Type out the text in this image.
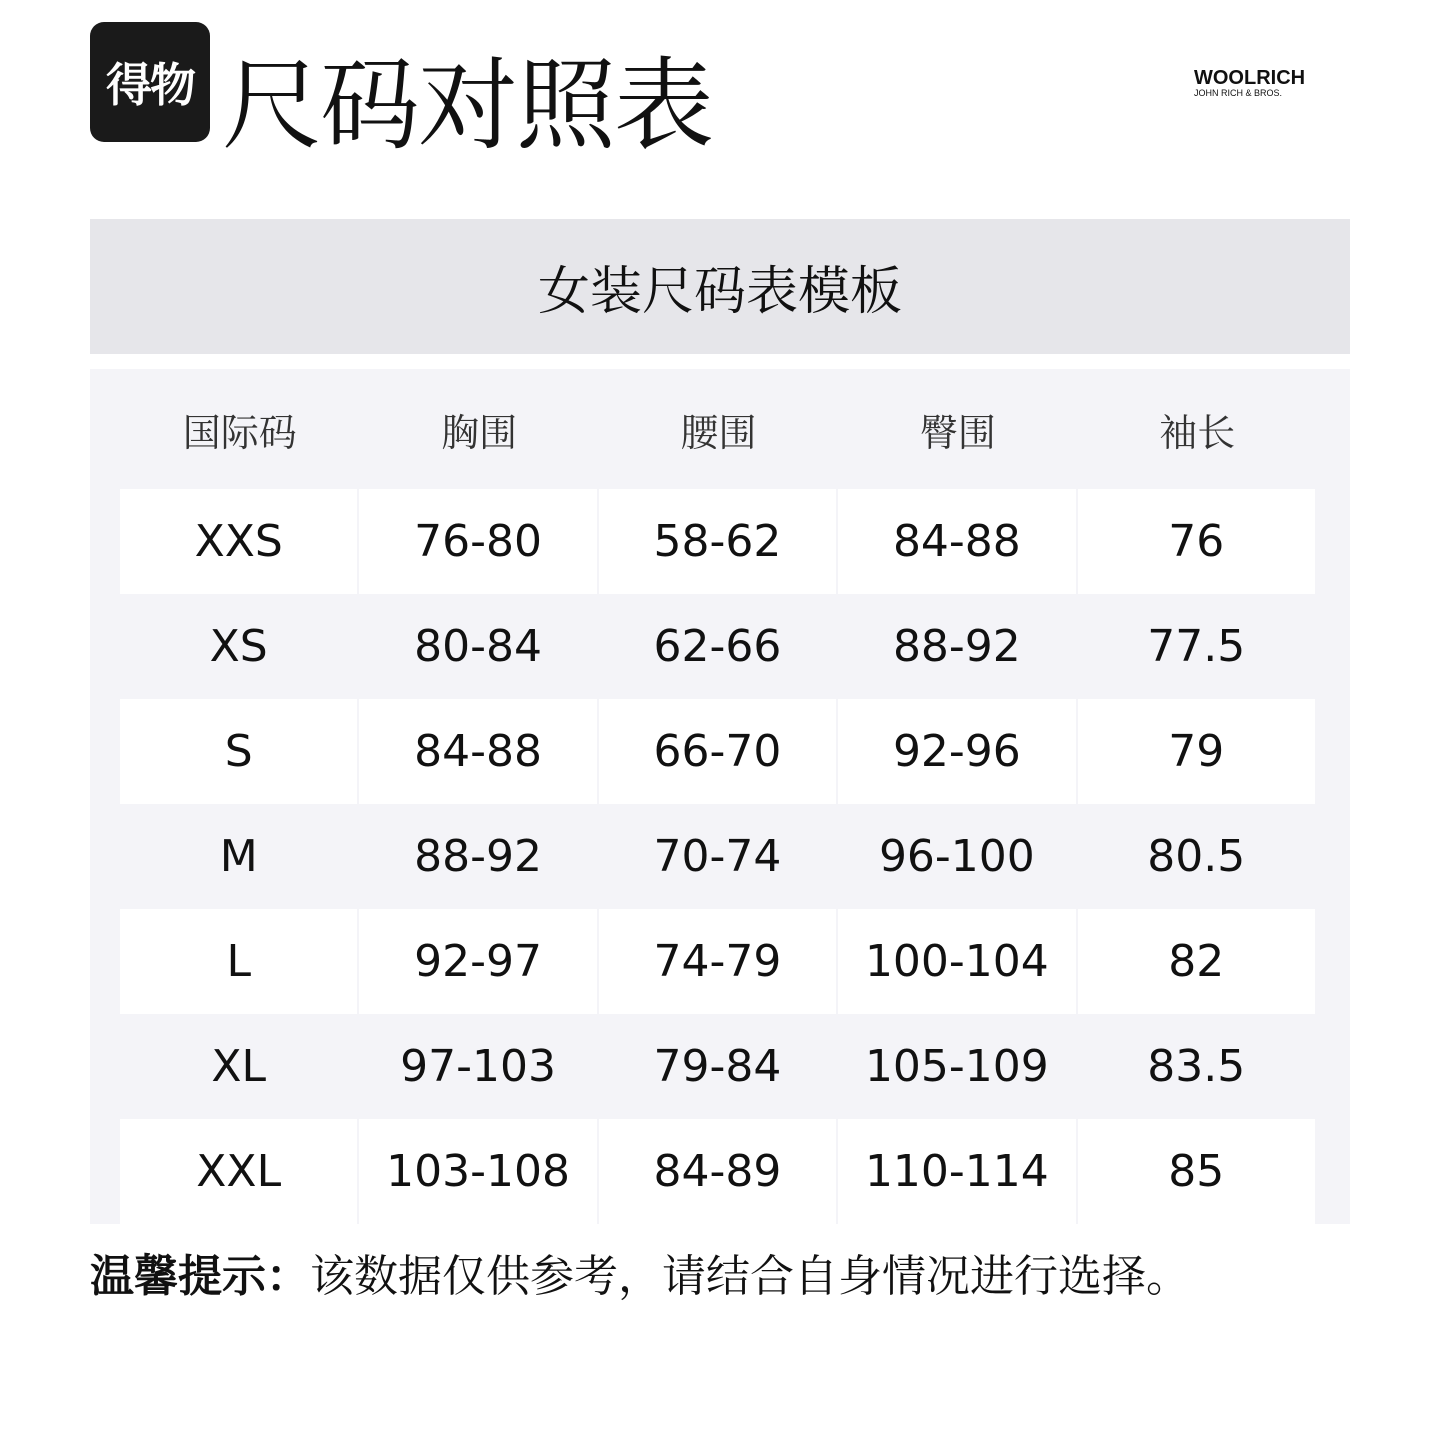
得物 尺码对照表	WOOLRICH
JOHN RICH & BROS.
女装尺码表模板
国际码	胸围	腰围	臀围	袖长
XXS	76-80	58-62	84-88	76
XS	80-84	62-66	88-92	77.5
S	84-88	66-70	92-96	79
M	88-92	70-74	96-100	80.5
L	92-97	74-79	100-104	82
XL	97-103	79-84	105-109	83.5
XXL	103-108	84-89	110-114	85
温馨提示：该数据仅供参考，请结合自身情况进行选择。
